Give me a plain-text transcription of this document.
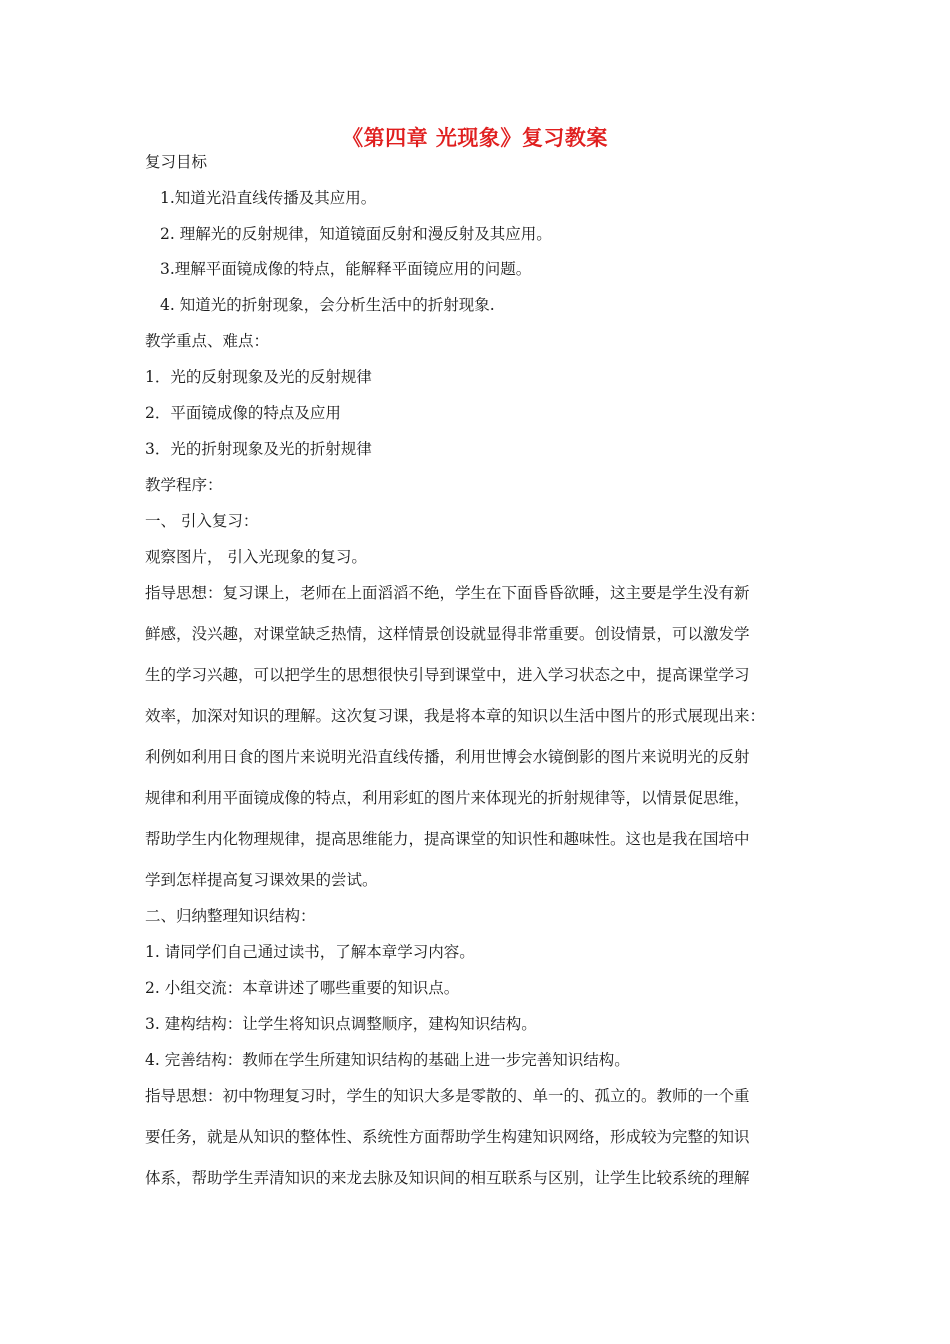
《第四章 光现象》复习教案
复习目标
1.知道光沿直线传播及其应用。
2. 理解光的反射规律，知道镜面反射和漫反射及其应用。
3.理解平面镜成像的特点，能解释平面镜应用的问题。
4. 知道光的折射现象，会分析生活中的折射现象.
教学重点、难点：
1．光的反射现象及光的反射规律
2．平面镜成像的特点及应用
3．光的折射现象及光的折射规律
教学程序：
一、 引入复习：
观察图片， 引入光现象的复习。
指导思想：复习课上，老师在上面滔滔不绝，学生在下面昏昏欲睡，这主要是学生没有新
鲜感，没兴趣，对课堂缺乏热情，这样情景创设就显得非常重要。创设情景，可以激发学
生的学习兴趣，可以把学生的思想很快引导到课堂中，进入学习状态之中，提高课堂学习
效率，加深对知识的理解。这次复习课，我是将本章的知识以生活中图片的形式展现出来：
利例如利用日食的图片来说明光沿直线传播，利用世博会水镜倒影的图片来说明光的反射
规律和利用平面镜成像的特点，利用彩虹的图片来体现光的折射规律等，以情景促思维，
帮助学生内化物理规律，提高思维能力，提高课堂的知识性和趣味性。这也是我在国培中
学到怎样提高复习课效果的尝试。
二、归纳整理知识结构：
1. 请同学们自己通过读书，了解本章学习内容。
2. 小组交流：本章讲述了哪些重要的知识点。
3. 建构结构：让学生将知识点调整顺序，建构知识结构。
4. 完善结构：教师在学生所建知识结构的基础上进一步完善知识结构。
指导思想：初中物理复习时，学生的知识大多是零散的、单一的、孤立的。教师的一个重
要任务，就是从知识的整体性、系统性方面帮助学生构建知识网络，形成较为完整的知识
体系，帮助学生弄清知识的来龙去脉及知识间的相互联系与区别，让学生比较系统的理解
